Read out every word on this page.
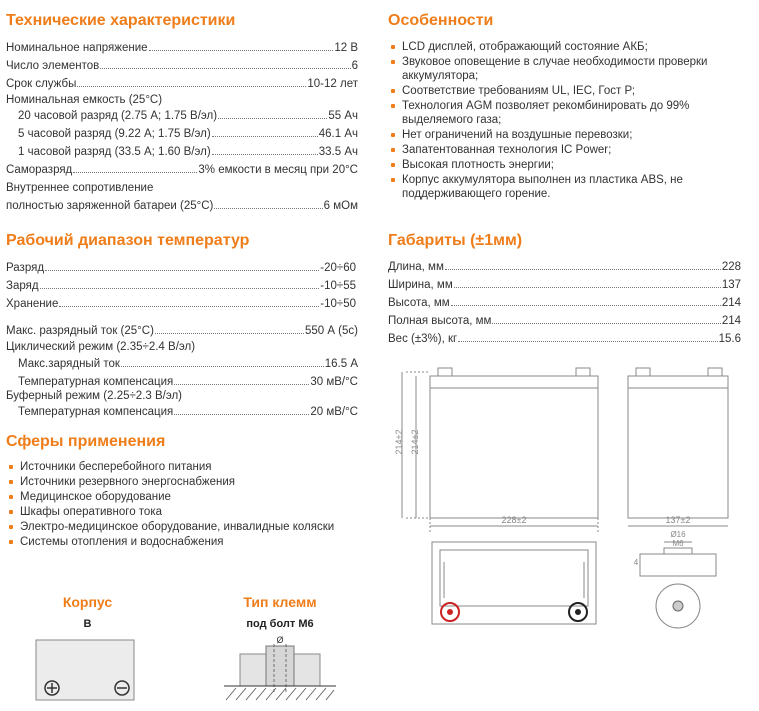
Технические характеристики
Номинальное напряжение	12 В
Число элементов	6
Срок службы	10-12 лет
Номинальная емкость (25°С)
20 часовой разряд (2.75 А; 1.75 В/эл)	55 Ач
5 часовой разряд (9.22 А; 1.75 В/эл)	46.1 Ач
1 часовой разряд (33.5 А; 1.60 В/эл)	33.5 Ач
Саморазряд	3% емкости в месяц при 20°С
Внутреннее сопротивление
полностью заряженной батареи (25°С)	6 мОм
Рабочий диапазон температур
Разряд	-20÷60
Заряд	-10÷55
Хранение	-10÷50
Макс. разрядный ток (25°С)	550 А (5с)
Циклический режим (2.35÷2.4 В/эл)
Макс.зарядный ток	16.5 А
Температурная компенсация	30 мВ/°С
Буферный режим (2.25÷2.3 В/эл)
Температурная компенсация	20 мВ/°С
Сферы применения
Источники бесперебойного питания
Источники резервного энергоснабжения
Медицинское оборудование
Шкафы оперативного тока
Электро-медицинское оборудование, инвалидные коляски
Системы отопления и водоснабжения
Корпус
B
Тип клемм
под болт М6
Ø
Особенности
LCD дисплей, отображающий состояние АКБ;
Звуковое оповещение в случае необходимости проверки аккумулятора;
Соответствие требованиям UL, IEC, Гост Р;
Технология AGM позволяет рекомбинировать до 99% выделяемого газа;
Нет ограничений на воздушные перевозки;
Запатентованная технология IC Power;
Высокая плотность энергии;
Корпус аккумулятора выполнен из пластика ABS, не поддерживающего горение.
Габариты (±1мм)
Длина, мм	228
Ширина, мм	137
Высота, мм	214
Полная высота, мм	214
Вес (±3%), кг	15.6
214±2 214±2
228±2	137±2
Ø16
M6
4
